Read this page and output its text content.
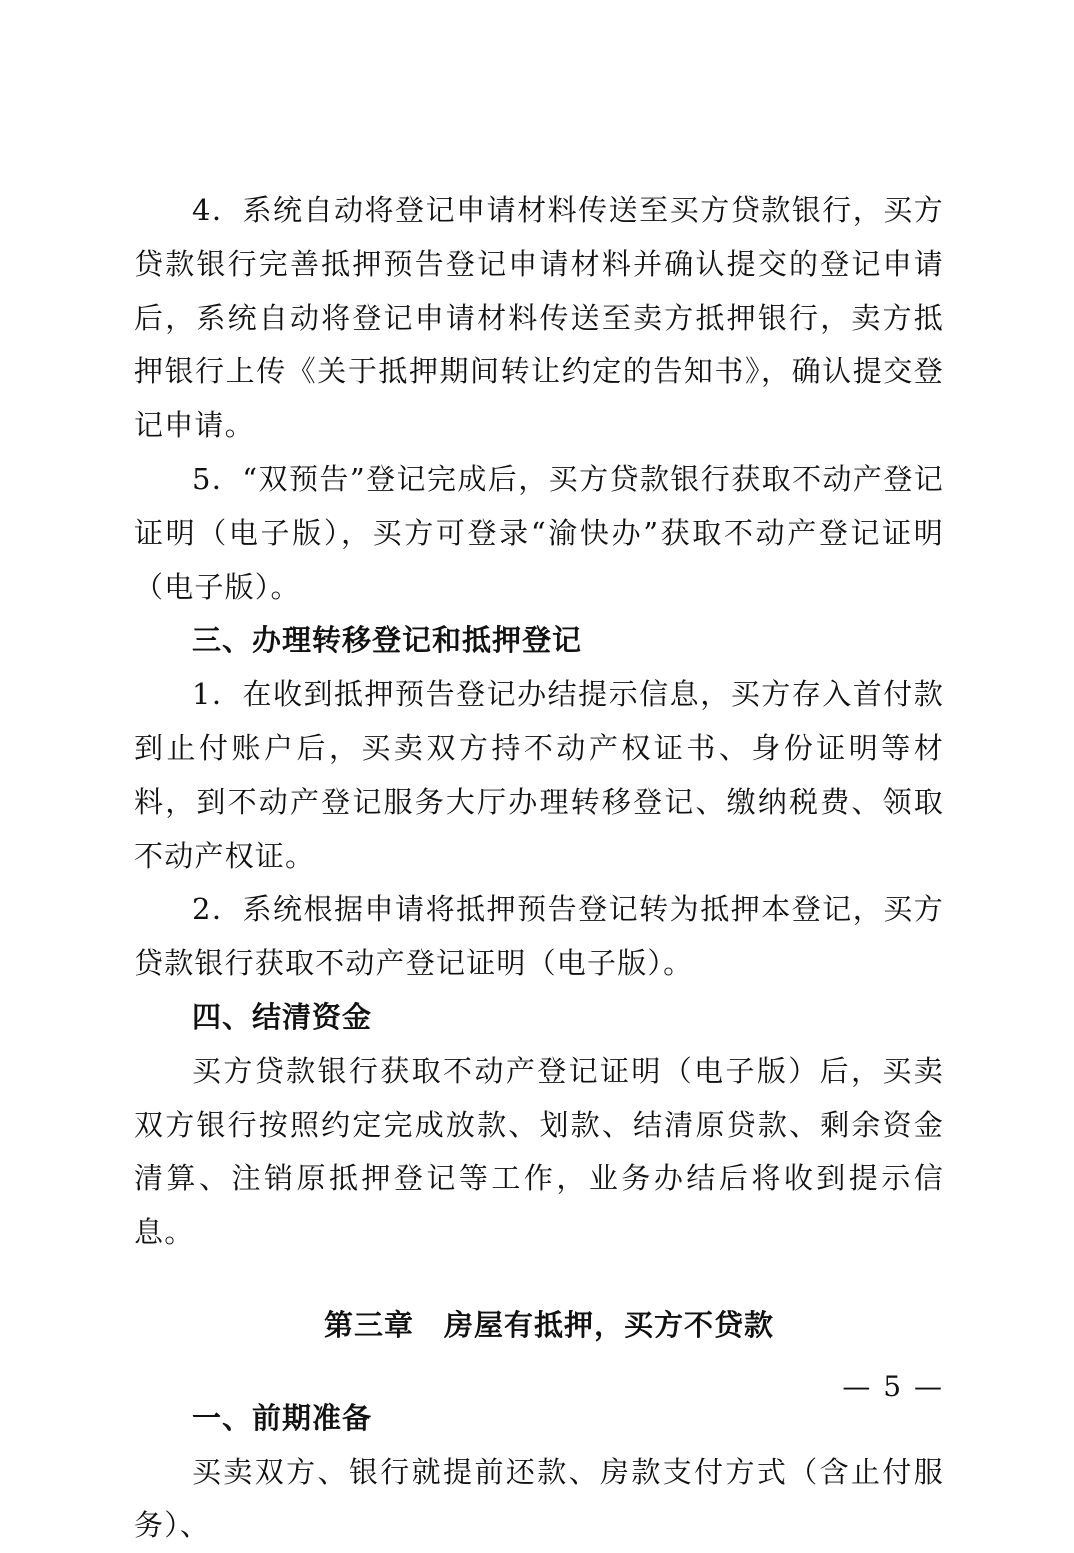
4．系统自动将登记申请材料传送至买方贷款银行，买方贷款银行完善抵押预告登记申请材料并确认提交的登记申请后，系统自动将登记申请材料传送至卖方抵押银行，卖方抵押银行上传《关于抵押期间转让约定的告知书》，确认提交登记申请。

5．“双预告”登记完成后，买方贷款银行获取不动产登记证明（电子版），买方可登录“渝快办”获取不动产登记证明（电子版）。

三、办理转移登记和抵押登记

1．在收到抵押预告登记办结提示信息，买方存入首付款到止付账户后，买卖双方持不动产权证书、身份证明等材料，到不动产登记服务大厅办理转移登记、缴纳税费、领取不动产权证。

2．系统根据申请将抵押预告登记转为抵押本登记，买方贷款银行获取不动产登记证明（电子版）。

四、结清资金

买方贷款银行获取不动产登记证明（电子版）后，买卖双方银行按照约定完成放款、划款、结清原贷款、剩余资金清算、注销原抵押登记等工作，业务办结后将收到提示信息。

第三章　房屋有抵押，买方不贷款

一、前期准备

买卖双方、银行就提前还款、房款支付方式（含止付服务）、

— 5 —
